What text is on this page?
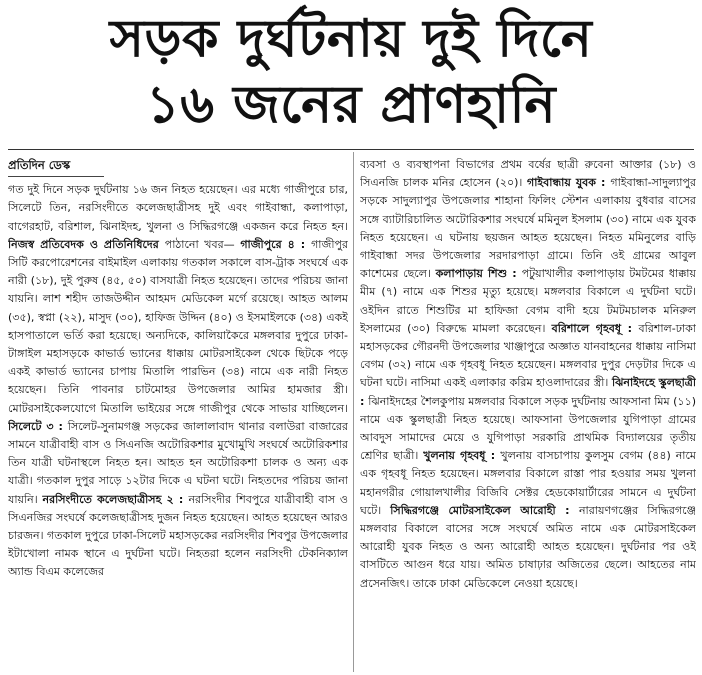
সড়ক দুর্ঘটনায় দুই দিনে
১৬ জনের প্রাণহানি
প্রতিদিন ডেস্ক

গত দুই দিনে সড়ক দুর্ঘটনায় ১৬ জন নিহত হয়েছেন। এর মধ্যে গাজীপুরে চার, সিলেটে তিন, নরসিংদীতে কলেজছাত্রীসহ দুই এবং গাইবান্ধা, কলাপাড়া, বাগেরহাট, বরিশাল, ঝিনাইদহ, খুলনা ও সিদ্ধিরগঞ্জে একজন করে নিহত হন। নিজস্ব প্রতিবেদক ও প্রতিনিধিদের পাঠানো খবর— গাজীপুরে ৪ : গাজীপুর সিটি করপোরেশনের বাইমাইল এলাকায় গতকাল সকালে বাস-ট্রাক সংঘর্ষে এক নারী (১৮), দুই পুরুষ (৪৫, ৫০) বাসযাত্রী নিহত হয়েছেন। তাদের পরিচয় জানা যায়নি। লাশ শহীদ তাজউদ্দীন আহমদ মেডিকেল মর্গে রয়েছে। আহত আলম (৩৫), স্বপ্না (২২), মাসুদ (৩০), হাফিজ উদ্দিন (৪০) ও ইসমাইলকে (৩৪) একই হাসপাতালে ভর্তি করা হয়েছে। অন্যদিকে, কালিয়াকৈরে মঙ্গলবার দুপুরে ঢাকা-টাঙ্গাইল মহাসড়কে কাভার্ড ভ্যানের ধাক্কায় মোটরসাইকেল থেকে ছিটকে পড়ে একই কাভার্ড ভ্যানের চাপায় মিতালি পারভিন (৩৪) নামে এক নারী নিহত হয়েছেন। তিনি পাবনার চাটমোহর উপজেলার আমির হামজার স্ত্রী। মোটরসাইকেলযোগে মিতালি ভাইয়ের সঙ্গে গাজীপুর থেকে সাভার যাচ্ছিলেন। সিলেটে ৩ : সিলেট-সুনামগঞ্জ সড়কের জালালাবাদ থানার বলাউরা বাজারের সামনে যাত্রীবাহী বাস ও সিএনজি অটোরিকশার মুখোমুখি সংঘর্ষে অটোরিকশার তিন যাত্রী ঘটনাস্থলে নিহত হন। আহত হন অটোরিকশা চালক ও অন্য এক যাত্রী। গতকাল দুপুর সাড়ে ১২টার দিকে এ ঘটনা ঘটে। নিহতদের পরিচয় জানা যায়নি। নরসিংদীতে কলেজছাত্রীসহ ২ : নরসিংদীর শিবপুরে যাত্রীবাহী বাস ও সিএনজির সংঘর্ষে কলেজছাত্রীসহ দুজন নিহত হয়েছেন। আহত হয়েছেন আরও চারজন। গতকাল দুপুরে ঢাকা-সিলেট মহাসড়কের নরসিংদীর শিবপুর উপজেলার ইটাখোলা নামক স্থানে এ দুর্ঘটনা ঘটে। নিহতরা হলেন নরসিংদী টেকনিক্যাল অ্যান্ড বিএম কলেজের

ব্যবসা ও ব্যবস্থাপনা বিভাগের প্রথম বর্ষের ছাত্রী রুবেনা আক্তার (১৮) ও সিএনজি চালক মনির হোসেন (২০)। গাইবান্ধায় যুবক : গাইবান্ধা-সাদুল্যাপুর সড়কে সাদুল্যাপুর উপজেলার শাহানা ফিলিং স্টেশন এলাকায় বুধবার বাসের সঙ্গে ব্যাটারিচালিত অটোরিকশার সংঘর্ষে মমিনুল ইসলাম (৩০) নামে এক যুবক নিহত হয়েছেন। এ ঘটনায় ছয়জন আহত হয়েছেন। নিহত মমিনুলের বাড়ি গাইবান্ধা সদর উপজেলার সরদারপাড়া গ্রামে। তিনি ওই গ্রামের আবুল কাশেমের ছেলে। কলাপাড়ায় শিশু : পটুয়াখালীর কলাপাড়ায় টমটমের ধাক্কায় মীম (৭) নামে এক শিশুর মৃত্যু হয়েছে। মঙ্গলবার বিকালে এ দুর্ঘটনা ঘটে। ওইদিন রাতে শিশুটির মা হাফিজা বেগম বাদী হয়ে টমটমচালক মনিরুল ইসলামের (৩০) বিরুদ্ধে মামলা করেছেন। বরিশালে গৃহবধূ : বরিশাল-ঢাকা মহাসড়কের গৌরনদী উপজেলার খাঞ্জাপুরে অজ্ঞাত যানবাহনের ধাক্কায় নাসিমা বেগম (৩২) নামে এক গৃহবধূ নিহত হয়েছেন। মঙ্গলবার দুপুর দেড়টার দিকে এ ঘটনা ঘটে। নাসিমা একই এলাকার করিম হাওলাদারের স্ত্রী। ঝিনাইদহে স্কুলছাত্রী : ঝিনাইদহের শৈলকুপায় মঙ্গলবার বিকালে সড়ক দুর্ঘটনায় আফসানা মিম (১১) নামে এক স্কুলছাত্রী নিহত হয়েছে। আফসানা উপজেলার যুগিপাড়া গ্রামের আবদুস সামাদের মেয়ে ও যুগিপাড়া সরকারি প্রাথমিক বিদ্যালয়ের তৃতীয় শ্রেণির ছাত্রী। খুলনায় গৃহবধূ : খুলনায় বাসচাপায় কুলসুম বেগম (৪৪) নামে এক গৃহবধূ নিহত হয়েছেন। মঙ্গলবার বিকালে রাস্তা পার হওয়ার সময় খুলনা মহানগরীর গোয়ালখালীর বিজিবি সেক্টর হেডকোয়ার্টারের সামনে এ দুর্ঘটনা ঘটে। সিদ্ধিরগঞ্জে মোটরসাইকেল আরোহী : নারায়ণগঞ্জের সিদ্ধিরগঞ্জে মঙ্গলবার বিকালে বাসের সঙ্গে সংঘর্ষে অমিত নামে এক মোটরসাইকেল আরোহী যুবক নিহত ও অন্য আরোহী আহত হয়েছেন। দুর্ঘটনার পর ওই বাসটিতে আগুন ধরে যায়। অমিত চাষাঢ়ার অজিতের ছেলে। আহতের নাম প্রসেনজিৎ। তাকে ঢাকা মেডিকেলে নেওয়া হয়েছে।
